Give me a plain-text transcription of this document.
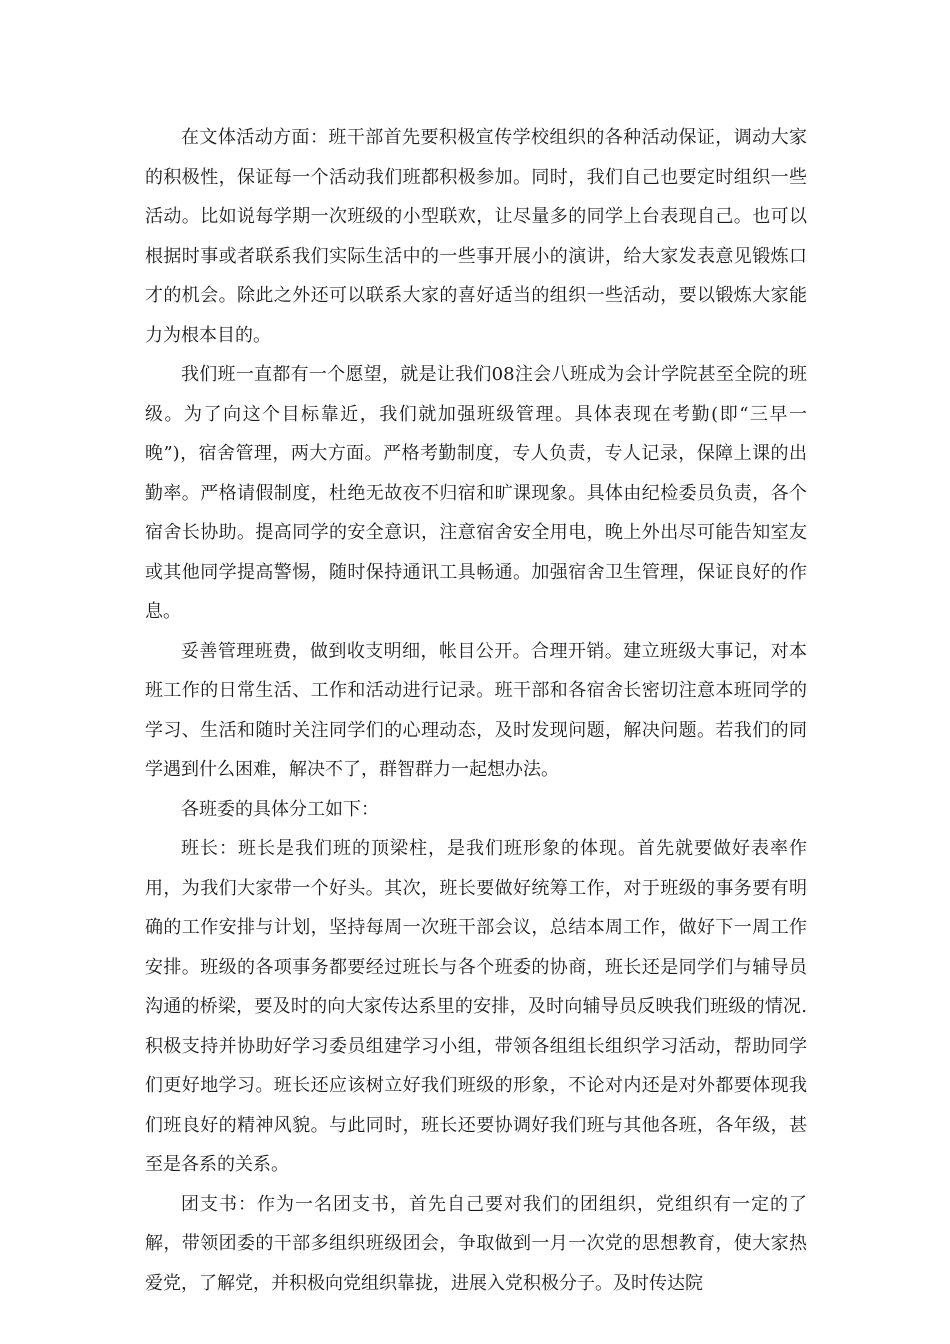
在文体活动方面：班干部首先要积极宣传学校组织的各种活动保证，调动大家的积极性，保证每一个活动我们班都积极参加。同时，我们自己也要定时组织一些活动。比如说每学期一次班级的小型联欢，让尽量多的同学上台表现自己。也可以根据时事或者联系我们实际生活中的一些事开展小的演讲，给大家发表意见锻炼口才的机会。除此之外还可以联系大家的喜好适当的组织一些活动，要以锻炼大家能力为根本目的。

我们班一直都有一个愿望，就是让我们08注会八班成为会计学院甚至全院的班级。为了向这个目标靠近，我们就加强班级管理。具体表现在考勤(即“三早一晚”)，宿舍管理，两大方面。严格考勤制度，专人负责，专人记录，保障上课的出勤率。严格请假制度，杜绝无故夜不归宿和旷课现象。具体由纪检委员负责，各个宿舍长协助。提高同学的安全意识，注意宿舍安全用电，晚上外出尽可能告知室友或其他同学提高警惕，随时保持通讯工具畅通。加强宿舍卫生管理，保证良好的作息。

妥善管理班费，做到收支明细，帐目公开。合理开销。建立班级大事记，对本班工作的日常生活、工作和活动进行记录。班干部和各宿舍长密切注意本班同学的学习、生活和随时关注同学们的心理动态，及时发现问题，解决问题。若我们的同学遇到什么困难，解决不了，群智群力一起想办法。

各班委的具体分工如下：

班长：班长是我们班的顶梁柱，是我们班形象的体现。首先就要做好表率作用，为我们大家带一个好头。其次，班长要做好统筹工作，对于班级的事务要有明确的工作安排与计划，坚持每周一次班干部会议，总结本周工作，做好下一周工作安排。班级的各项事务都要经过班长与各个班委的协商，班长还是同学们与辅导员沟通的桥梁，要及时的向大家传达系里的安排，及时向辅导员反映我们班级的情况.积极支持并协助好学习委员组建学习小组，带领各组组长组织学习活动，帮助同学们更好地学习。班长还应该树立好我们班级的形象，不论对内还是对外都要体现我们班良好的精神风貌。与此同时，班长还要协调好我们班与其他各班，各年级，甚至是各系的关系。

团支书：作为一名团支书，首先自己要对我们的团组织，党组织有一定的了解，带领团委的干部多组织班级团会，争取做到一月一次党的思想教育，使大家热爱党，了解党，并积极向党组织靠拢，进展入党积极分子。及时传达院
